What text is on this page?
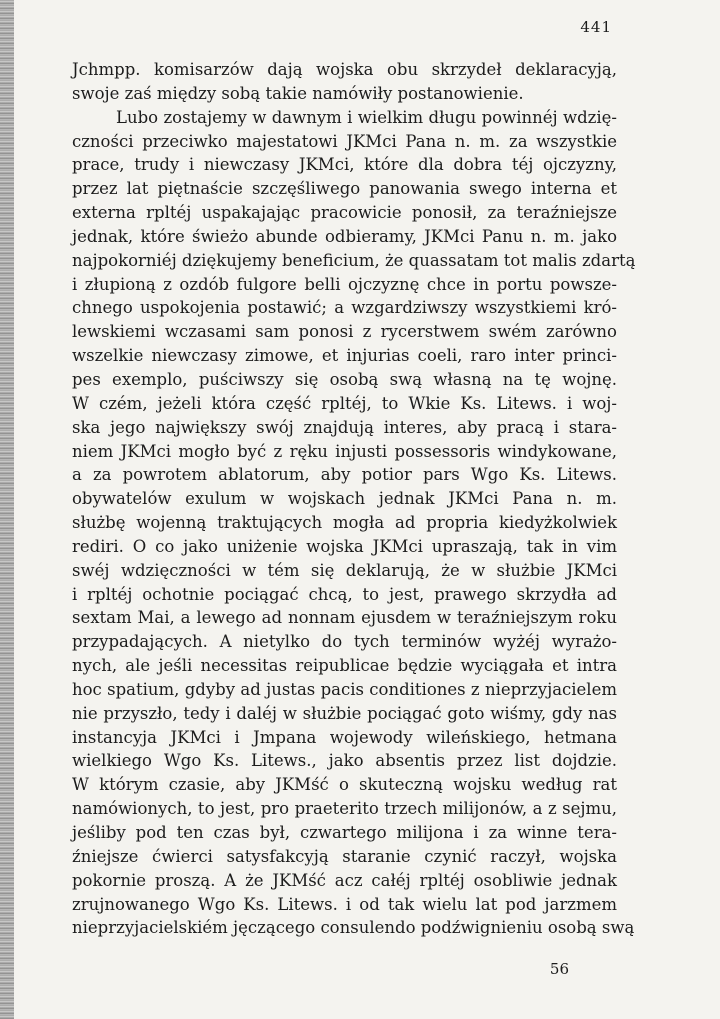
441
Jchmpp. komisarzów dają wojska obu skrzydeł deklaracyją,
swoje zaś między sobą takie namówiły postanowienie.
Lubo zostajemy w dawnym i wielkim długu powinnéj wdzię-
czności przeciwko majestatowi JKMci Pana n. m. za wszystkie
prace, trudy i niewczasy JKMci, które dla dobra téj ojczyzny,
przez lat piętnaście szczęśliwego panowania swego interna et
externa rpltéj uspakajając pracowicie ponosił, za teraźniejsze
jednak, które świeżo abunde odbieramy, JKMci Panu n. m. jako
najpokorniéj dziękujemy beneficium, że quassatam tot malis zdartą
i złupioną z ozdób fulgore belli ojczyznę chce in portu powsze-
chnego uspokojenia postawić; a wzgardziwszy wszystkiemi kró-
lewskiemi wczasami sam ponosi z rycerstwem swém zarówno
wszelkie niewczasy zimowe, et injurias coeli, raro inter princi-
pes exemplo, puściwszy się osobą swą własną na tę wojnę.
W czém, jeżeli która część rpltéj, to Wkie Ks. Litews. i woj-
ska jego największy swój znajdują interes, aby pracą i stara-
niem JKMci mogło być z ręku injusti possessoris windykowane,
a za powrotem ablatorum, aby potior pars Wgo Ks. Litews.
obywatelów exulum w wojskach jednak JKMci Pana n. m.
służbę wojenną traktujących mogła ad propria kiedyżkolwiek
rediri. O co jako uniżenie wojska JKMci upraszają, tak in vim
swéj wdzięczności w tém się deklarują, że w służbie JKMci
i rpltéj ochotnie pociągać chcą, to jest, prawego skrzydła ad
sextam Mai, a lewego ad nonnam ejusdem w teraźniejszym roku
przypadających. A nietylko do tych terminów wyżéj wyrażo-
nych, ale jeśli necessitas reipublicae będzie wyciągała et intra
hoc spatium, gdyby ad justas pacis conditiones z nieprzyjacielem
nie przyszło, tedy i daléj w służbie pociągać goto wiśmy, gdy nas
instancyja JKMci i Jmpana wojewody wileńskiego, hetmana
wielkiego Wgo Ks. Litews., jako absentis przez list dojdzie.
W którym czasie, aby JKMść o skuteczną wojsku według rat
namówionych, to jest, pro praeterito trzech milijonów, a z sejmu,
jeśliby pod ten czas był, czwartego milijona i za winne tera-
źniejsze ćwierci satysfakcyją staranie czynić raczył, wojska
pokornie proszą. A że JKMść acz całéj rpltéj osobliwie jednak
zrujnowanego Wgo Ks. Litews. i od tak wielu lat pod jarzmem
nieprzyjacielskiém jęczącego consulendo podźwignieniu osobą swą
56
